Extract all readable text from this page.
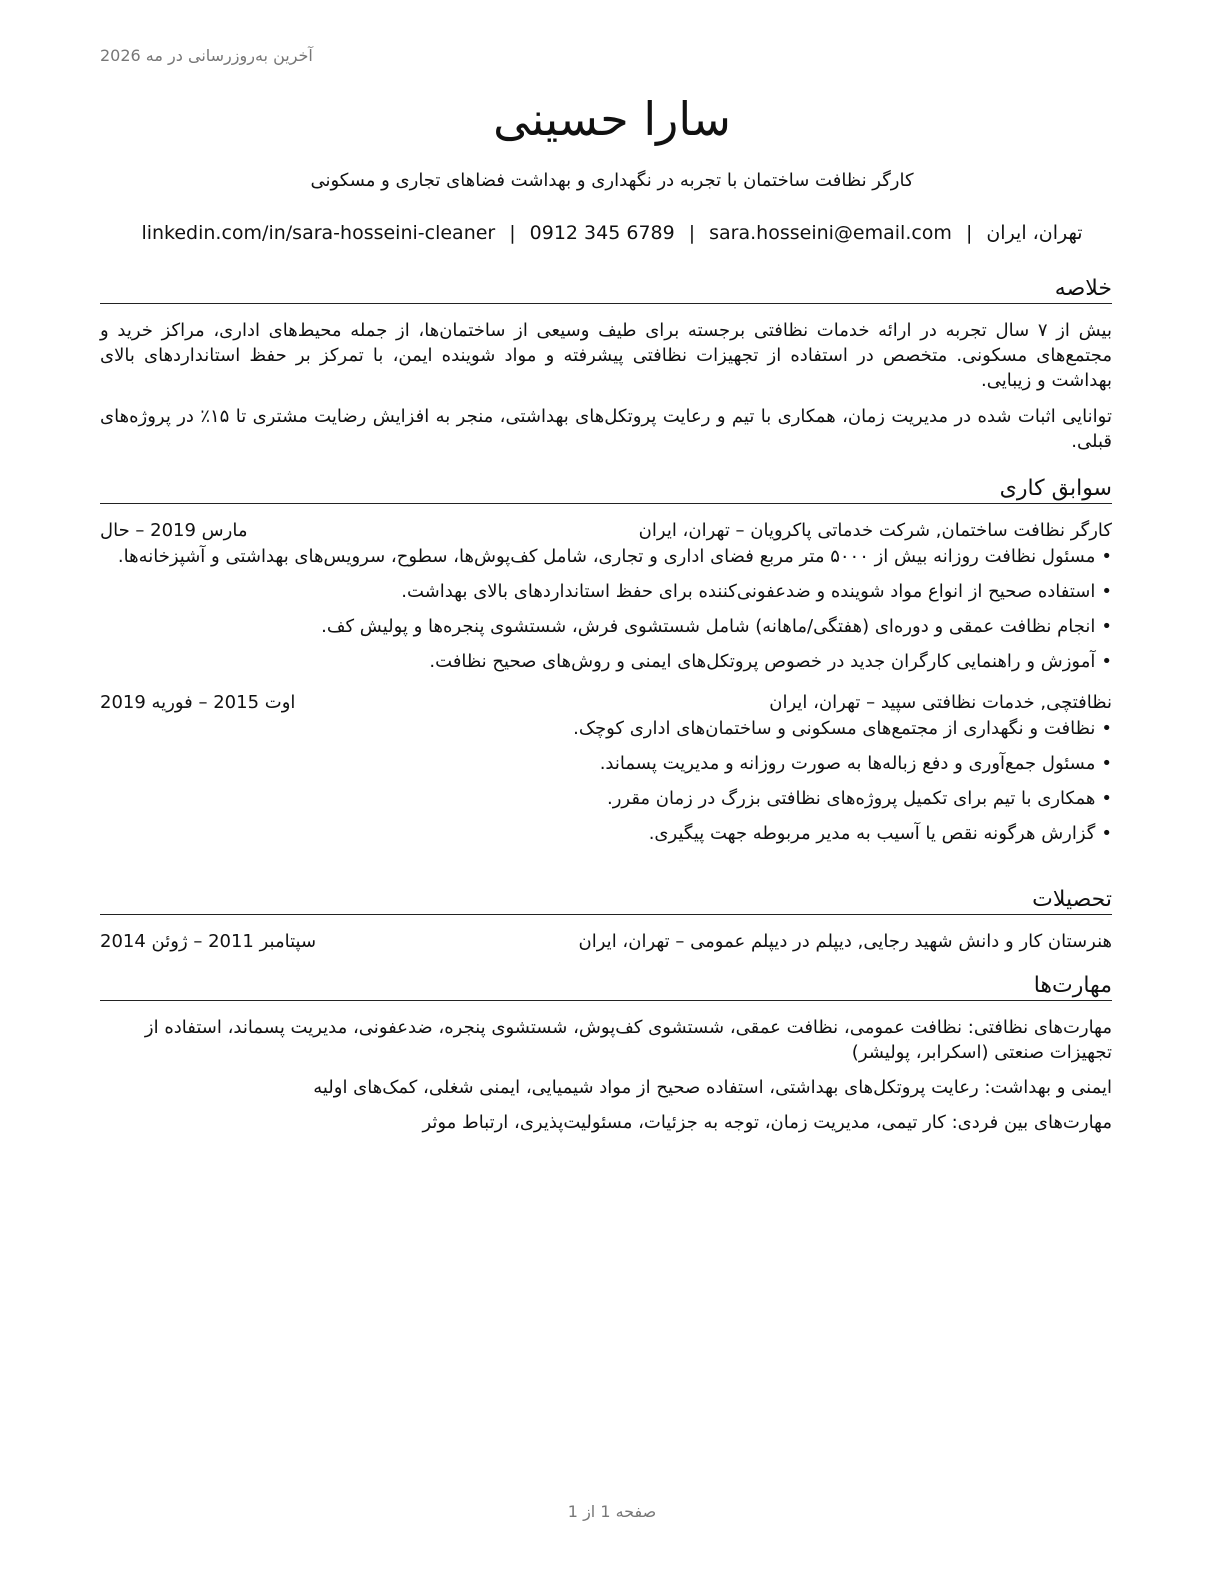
آخرین به‌روزرسانی در مه 2026
سارا حسینی
کارگر نظافت ساختمان با تجربه در نگهداری و بهداشت فضاهای تجاری و مسکونی
linkedin.com/in/sara-hosseini-cleaner | 0912 345 6789 | sara.hosseini@email.com | تهران، ایران
خلاصه

بیش از ۷ سال تجربه در ارائه خدمات نظافتی برجسته برای طیف وسیعی از ساختمان‌ها، از جمله محیط‌های اداری، مراکز خرید و مجتمع‌های مسکونی. متخصص در استفاده از تجهیزات نظافتی پیشرفته و مواد شوینده ایمن، با تمرکز بر حفظ استانداردهای بالای بهداشت و زیبایی.

توانایی اثبات شده در مدیریت زمان، همکاری با تیم و رعایت پروتکل‌های بهداشتی، منجر به افزایش رضایت مشتری تا ۱۵٪ در پروژه‌های قبلی.

سوابق کاری
کارگر نظافت ساختمان, شرکت خدماتی پاکرویان – تهران، ایران
مارس 2019 – حال
• مسئول نظافت روزانه بیش از ۵۰۰۰ متر مربع فضای اداری و تجاری، شامل کف‌پوش‌ها، سطوح، سرویس‌های بهداشتی و آشپزخانه‌ها.
• استفاده صحیح از انواع مواد شوینده و ضدعفونی‌کننده برای حفظ استانداردهای بالای بهداشت.
• انجام نظافت عمقی و دوره‌ای (هفتگی/ماهانه) شامل شستشوی فرش، شستشوی پنجره‌ها و پولیش کف.
• آموزش و راهنمایی کارگران جدید در خصوص پروتکل‌های ایمنی و روش‌های صحیح نظافت.
نظافتچی, خدمات نظافتی سپید – تهران، ایران
اوت 2015 – فوریه 2019
• نظافت و نگهداری از مجتمع‌های مسکونی و ساختمان‌های اداری کوچک.
• مسئول جمع‌آوری و دفع زباله‌ها به صورت روزانه و مدیریت پسماند.
• همکاری با تیم برای تکمیل پروژه‌های نظافتی بزرگ در زمان مقرر.
• گزارش هرگونه نقص یا آسیب به مدیر مربوطه جهت پیگیری.
تحصیلات
هنرستان کار و دانش شهید رجایی, دیپلم در دیپلم عمومی – تهران، ایران
سپتامبر 2011 – ژوئن 2014
مهارت‌ها

مهارت‌های نظافتی: نظافت عمومی، نظافت عمقی، شستشوی کف‌پوش، شستشوی پنجره، ضدعفونی، مدیریت پسماند، استفاده از تجهیزات صنعتی (اسکرابر، پولیشر)

ایمنی و بهداشت: رعایت پروتکل‌های بهداشتی، استفاده صحیح از مواد شیمیایی، ایمنی شغلی، کمک‌های اولیه

مهارت‌های بین فردی: کار تیمی، مدیریت زمان، توجه به جزئیات، مسئولیت‌پذیری، ارتباط موثر

صفحه 1 از 1
